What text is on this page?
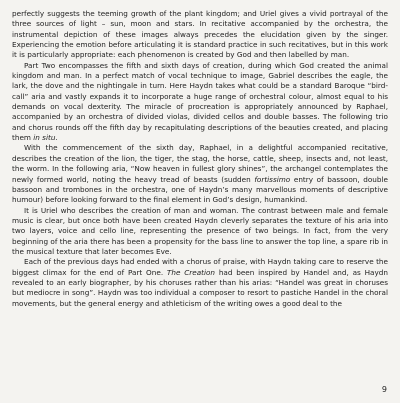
perfectly suggests the teeming growth of the plant kingdom; and Uriel gives a vivid portrayal of the three sources of light – sun, moon and stars. In recitative accompanied by the orchestra, the instrumental depiction of these images always precedes the elucidation given by the singer. Experiencing the emotion before articulating it is standard practice in such recitatives, but in this work it is particularly appropriate: each phenomenon is created by God and then labelled by man.

Part Two encompasses the fifth and sixth days of creation, during which God created the animal kingdom and man. In a perfect match of vocal technique to image, Gabriel describes the eagle, the lark, the dove and the nightingale in turn. Here Haydn takes what could be a standard Baroque “bird-call” aria and vastly expands it to incorporate a huge range of orchestral colour, almost equal to his demands on vocal dexterity. The miracle of procreation is appropriately announced by Raphael, accompanied by an orchestra of divided violas, divided cellos and double basses. The following trio and chorus rounds off the fifth day by recapitulating descriptions of the beauties created, and placing them in situ.

With the commencement of the sixth day, Raphael, in a delightful accompanied recitative, describes the creation of the lion, the tiger, the stag, the horse, cattle, sheep, insects and, not least, the worm. In the following aria, “Now heaven in fullest glory shines”, the archangel contemplates the newly formed world, noting the heavy tread of beasts (sudden fortissimo entry of bassoon, double bassoon and trombones in the orchestra, one of Haydn’s many marvellous moments of descriptive humour) before looking forward to the final element in God’s design, humankind.

It is Uriel who describes the creation of man and woman. The contrast between male and female music is clear, but once both have been created Haydn cleverly separates the texture of his aria into two layers, voice and cello line, representing the presence of two beings. In fact, from the very beginning of the aria there has been a propensity for the bass line to answer the top line, a spare rib in the musical texture that later becomes Eve.

Each of the previous days had ended with a chorus of praise, with Haydn taking care to reserve the biggest climax for the end of Part One. The Creation had been inspired by Handel and, as Haydn revealed to an early biographer, by his choruses rather than his arias: “Handel was great in choruses but mediocre in song”. Haydn was too individual a composer to resort to pastiche Handel in the choral movements, but the general energy and athleticism of the writing owes a good deal to the

9
